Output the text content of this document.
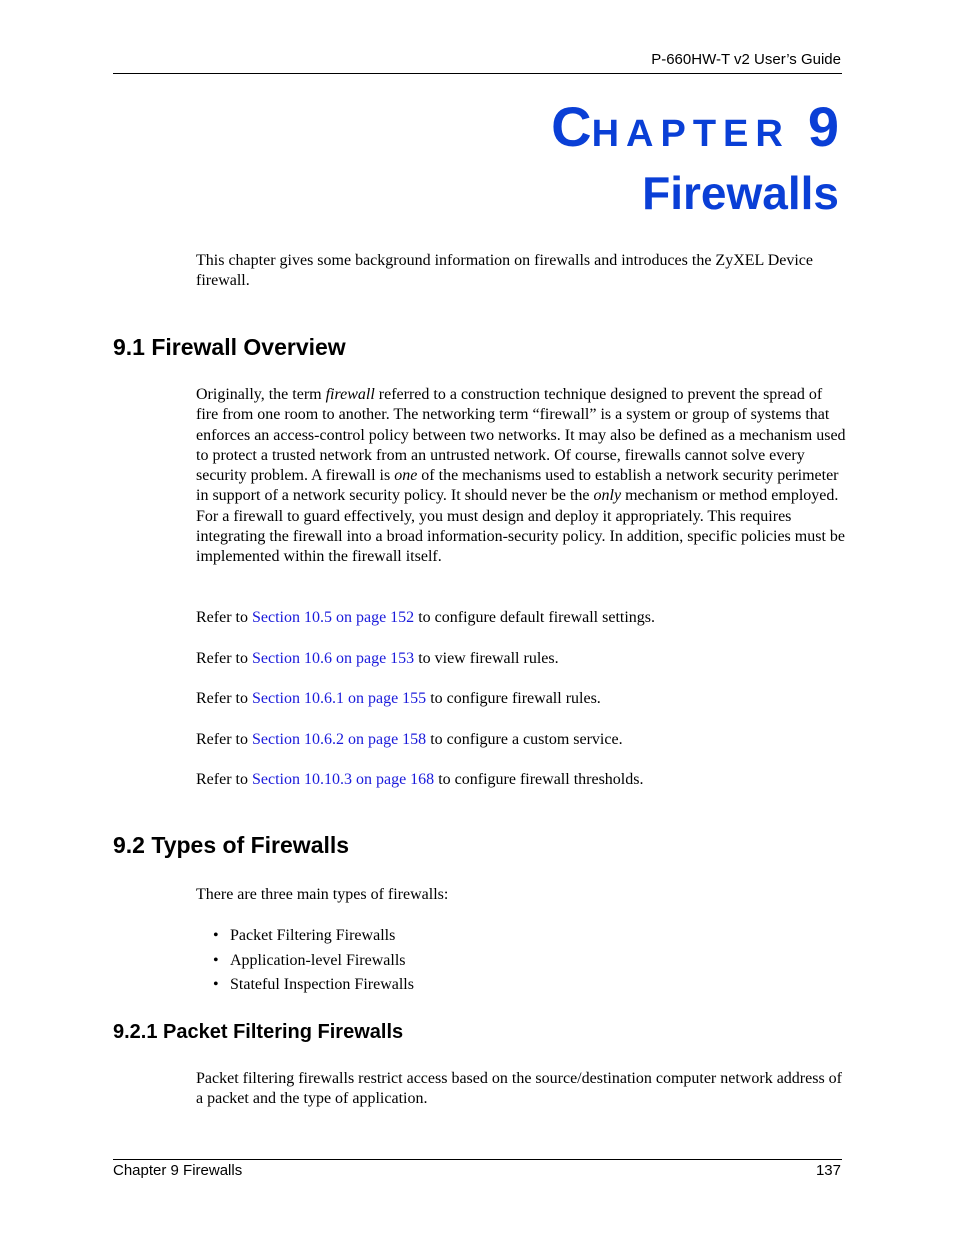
P-660HW-T v2 User’s Guide
CHAPTER 9
Firewalls
This chapter gives some background information on firewalls and introduces the ZyXEL Device firewall.
9.1 Firewall Overview
Originally, the term firewall referred to a construction technique designed to prevent the spread of fire from one room to another. The networking term “firewall” is a system or group of systems that enforces an access-control policy between two networks. It may also be defined as a mechanism used to protect a trusted network from an untrusted network. Of course, firewalls cannot solve every security problem. A firewall is one of the mechanisms used to establish a network security perimeter in support of a network security policy. It should never be the only mechanism or method employed. For a firewall to guard effectively, you must design and deploy it appropriately. This requires integrating the firewall into a broad information-security policy. In addition, specific policies must be implemented within the firewall itself.
Refer to Section 10.5 on page 152 to configure default firewall settings.
Refer to Section 10.6 on page 153 to view firewall rules.
Refer to Section 10.6.1 on page 155 to configure firewall rules.
Refer to Section 10.6.2 on page 158 to configure a custom service.
Refer to Section 10.10.3 on page 168 to configure firewall thresholds.
9.2 Types of Firewalls
There are three main types of firewalls:
• Packet Filtering Firewalls
• Application-level Firewalls
• Stateful Inspection Firewalls
9.2.1 Packet Filtering Firewalls
Packet filtering firewalls restrict access based on the source/destination computer network address of a packet and the type of application.
Chapter 9 Firewalls	137
